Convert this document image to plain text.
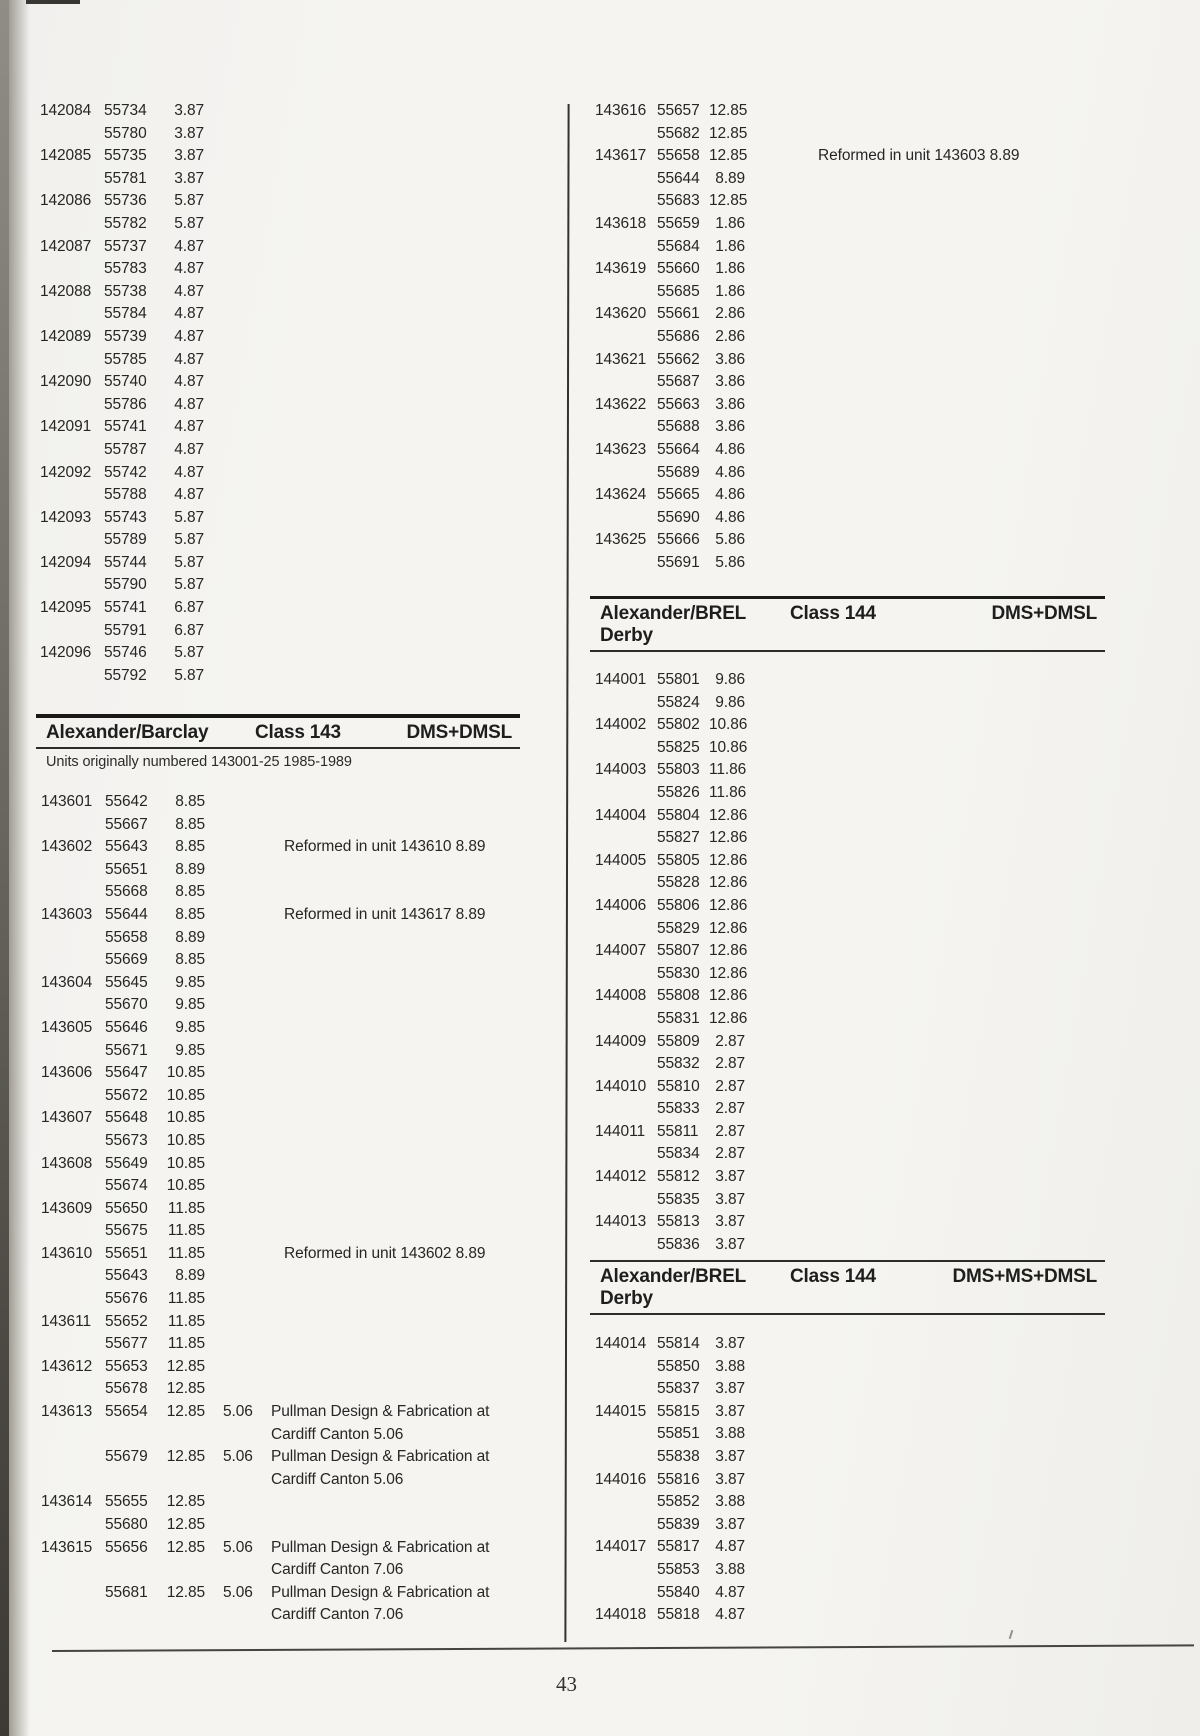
142084 55734	3.87
55780	3.87
142085 55735	3.87
55781	3.87
142086 55736	5.87
55782	5.87
142087 55737	4.87
55783	4.87
142088 55738	4.87
55784	4.87
142089 55739	4.87
55785	4.87
142090 55740	4.87
55786	4.87
142091 55741	4.87
55787	4.87
142092 55742	4.87
55788	4.87
142093 55743	5.87
55789	5.87
142094 55744	5.87
55790	5.87
142095 55741	6.87
55791	6.87
142096 55746	5.87
55792	5.87
Alexander/Barclay	Class 143	DMS+DMSL
Units originally numbered 143001-25 1985-1989
143601 55642	8.85
55667	8.85
143602 55643	8.85	Reformed in unit 143610 8.89
55651	8.89
55668	8.85
143603 55644	8.85	Reformed in unit 143617 8.89
55658	8.89
55669	8.85
143604 55645	9.85
55670	9.85
143605 55646	9.85
55671	9.85
143606 55647	10.85
55672	10.85
143607 55648	10.85
55673	10.85
143608 55649	10.85
55674	10.85
143609 55650	11.85
55675	11.85
143610 55651	11.85	Reformed in unit 143602 8.89
55643	8.89
55676	11.85
143611 55652	11.85
55677	11.85
143612 55653	12.85
55678	12.85
143613 55654	12.85	5.06	Pullman Design & Fabrication at
Cardiff Canton 5.06
55679	12.85	5.06	Pullman Design & Fabrication at
Cardiff Canton 5.06
143614 55655	12.85
55680	12.85
143615 55656	12.85	5.06	Pullman Design & Fabrication at
Cardiff Canton 7.06
55681	12.85	5.06	Pullman Design & Fabrication at
Cardiff Canton 7.06
143616 55657 12.85
55682 12.85
143617 55658 12.85	Reformed in unit 143603 8.89
55644	8.89
55683 12.85
143618 55659	1.86
55684	1.86
143619 55660	1.86
55685	1.86
143620 55661	2.86
55686	2.86
143621 55662	3.86
55687	3.86
143622 55663	3.86
55688	3.86
143623 55664	4.86
55689	4.86
143624 55665	4.86
55690	4.86
143625 55666	5.86
55691	5.86
Alexander/BREL Derby
Class 144	DMS+DMSL
144001 55801	9.86
55824	9.86
144002 55802 10.86
55825 10.86
144003 55803 11.86
55826 11.86
144004 55804 12.86
55827 12.86
144005 55805 12.86
55828 12.86
144006 55806 12.86
55829 12.86
144007 55807 12.86
55830 12.86
144008 55808 12.86
55831 12.86
144009 55809	2.87
55832	2.87
144010 55810	2.87
55833	2.87
144011 55811	2.87
55834	2.87
144012 55812	3.87
55835	3.87
144013 55813	3.87
55836	3.87
Alexander/BREL Derby
Class 144	DMS+MS+DMSL
144014 55814	3.87
55850	3.88
55837	3.87
144015 55815	3.87
55851	3.88
55838	3.87
144016 55816	3.87
55852	3.88
55839	3.87
144017 55817	4.87
55853	3.88
55840	4.87
144018 55818	4.87
43
